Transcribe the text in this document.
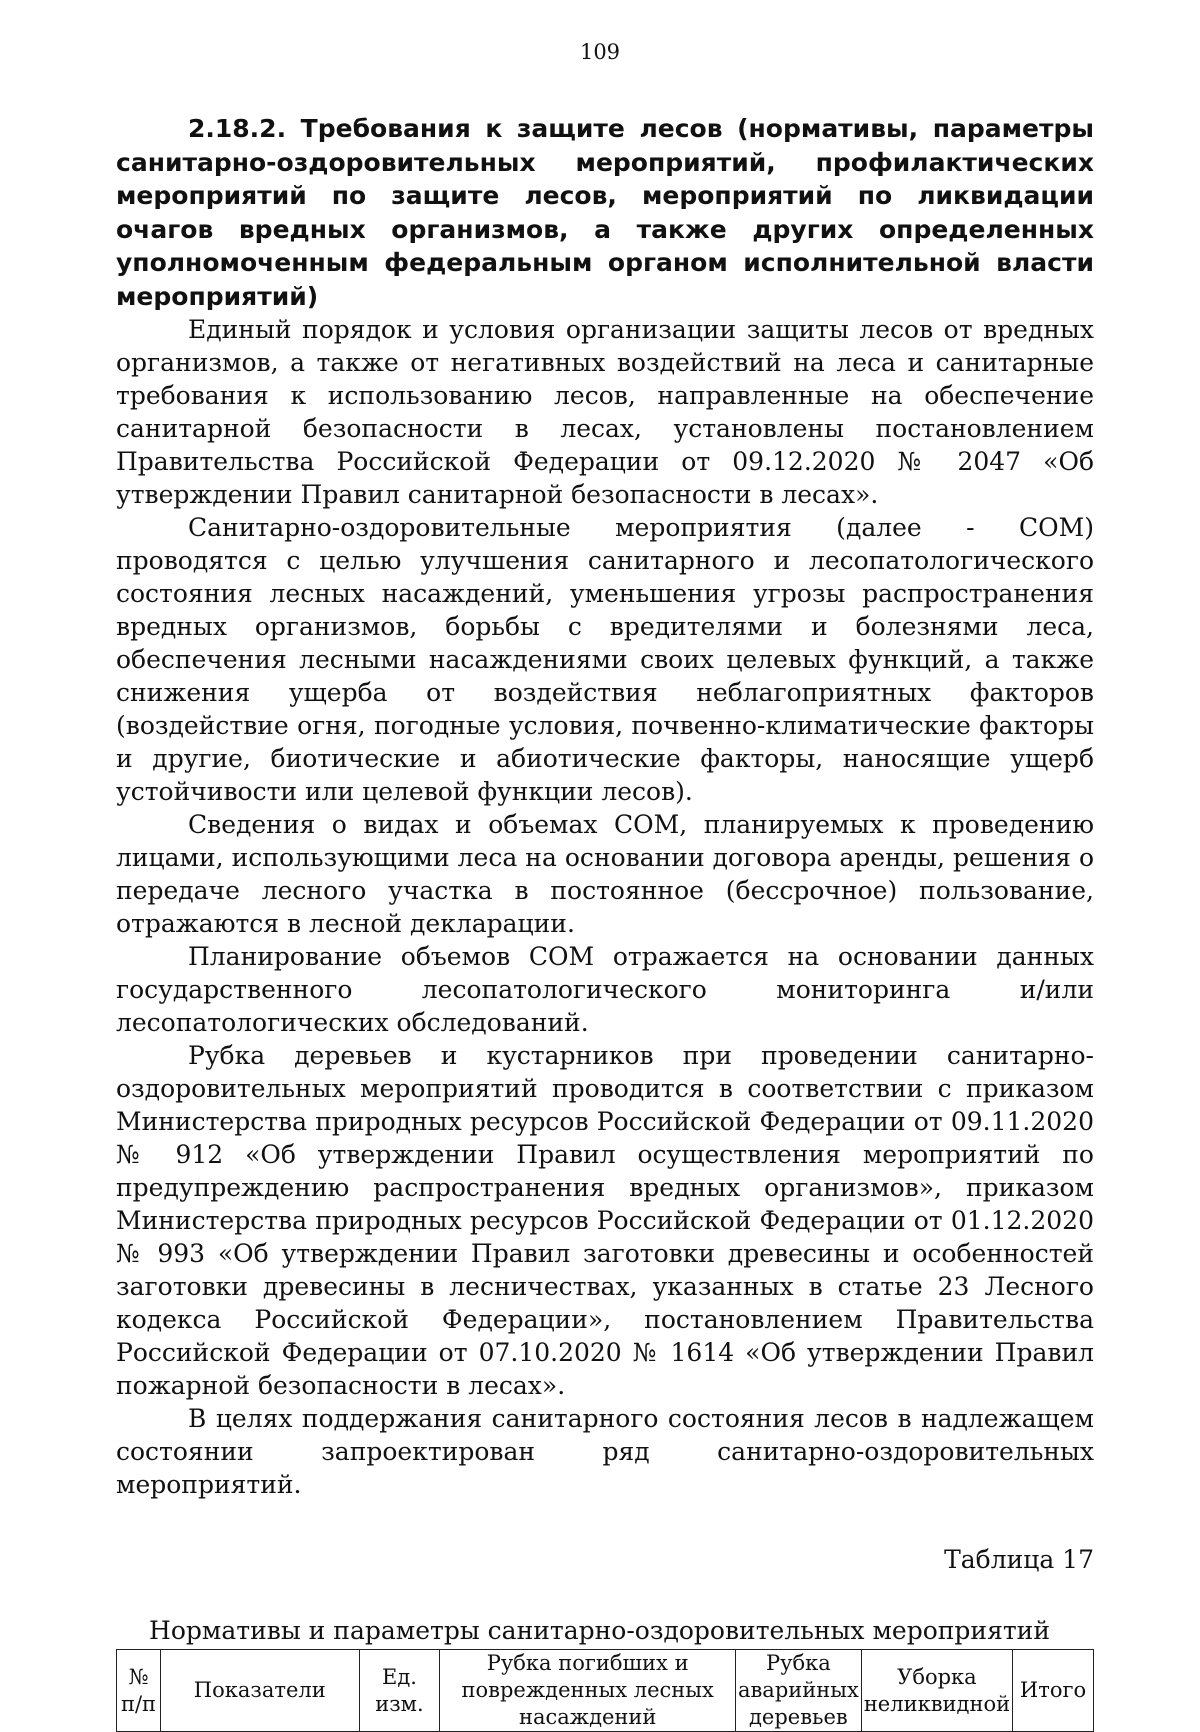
109

2.18.2. Требования к защите лесов (нормативы, параметры санитарно-оздоровительных мероприятий, профилактических мероприятий по защите лесов, мероприятий по ликвидации очагов вредных организмов, а также других определенных уполномоченным федеральным органом исполнительной власти мероприятий)

Единый порядок и условия организации защиты лесов от вредных организмов, а также от негативных воздействий на леса и санитарные требования к использованию лесов, направленные на обеспечение санитарной безопасности в лесах, установлены постановлением Правительства Российской Федерации от 09.12.2020 № 2047 «Об утверждении Правил санитарной безопасности в лесах».

Санитарно-оздоровительные мероприятия (далее - СОМ) проводятся с целью улучшения санитарного и лесопатологического состояния лесных насаждений, уменьшения угрозы распространения вредных организмов, борьбы с вредителями и болезнями леса, обеспечения лесными насаждениями своих целевых функций, а также снижения ущерба от воздействия неблагоприятных факторов (воздействие огня, погодные условия, почвенно-климатические факторы и другие, биотические и абиотические факторы, наносящие ущерб устойчивости или целевой функции лесов).

Сведения о видах и объемах СОМ, планируемых к проведению лицами, использующими леса на основании договора аренды, решения о передаче лесного участка в постоянное (бессрочное) пользование, отражаются в лесной декларации.

Планирование объемов СОМ отражается на основании данных государственного лесопатологического мониторинга и/или лесопатологических обследований.

Рубка деревьев и кустарников при проведении санитарно-оздоровительных мероприятий проводится в соответствии с приказом Министерства природных ресурсов Российской Федерации от 09.11.2020 № 912 «Об утверждении Правил осуществления мероприятий по предупреждению распространения вредных организмов», приказом Министерства природных ресурсов Российской Федерации от 01.12.2020 № 993 «Об утверждении Правил заготовки древесины и особенностей заготовки древесины в лесничествах, указанных в статье 23 Лесного кодекса Российской Федерации», постановлением Правительства Российской Федерации от 07.10.2020 № 1614 «Об утверждении Правил пожарной безопасности в лесах».

В целях поддержания санитарного состояния лесов в надлежащем состоянии запроектирован ряд санитарно-оздоровительных мероприятий.

Таблица 17
Нормативы и параметры санитарно-оздоровительных мероприятий
№ п/п	Показатели	Ед. изм.	Рубка погибших и поврежденных лесных насаждений	Рубка аварийных деревьев	Уборка неликвидной	Итого
